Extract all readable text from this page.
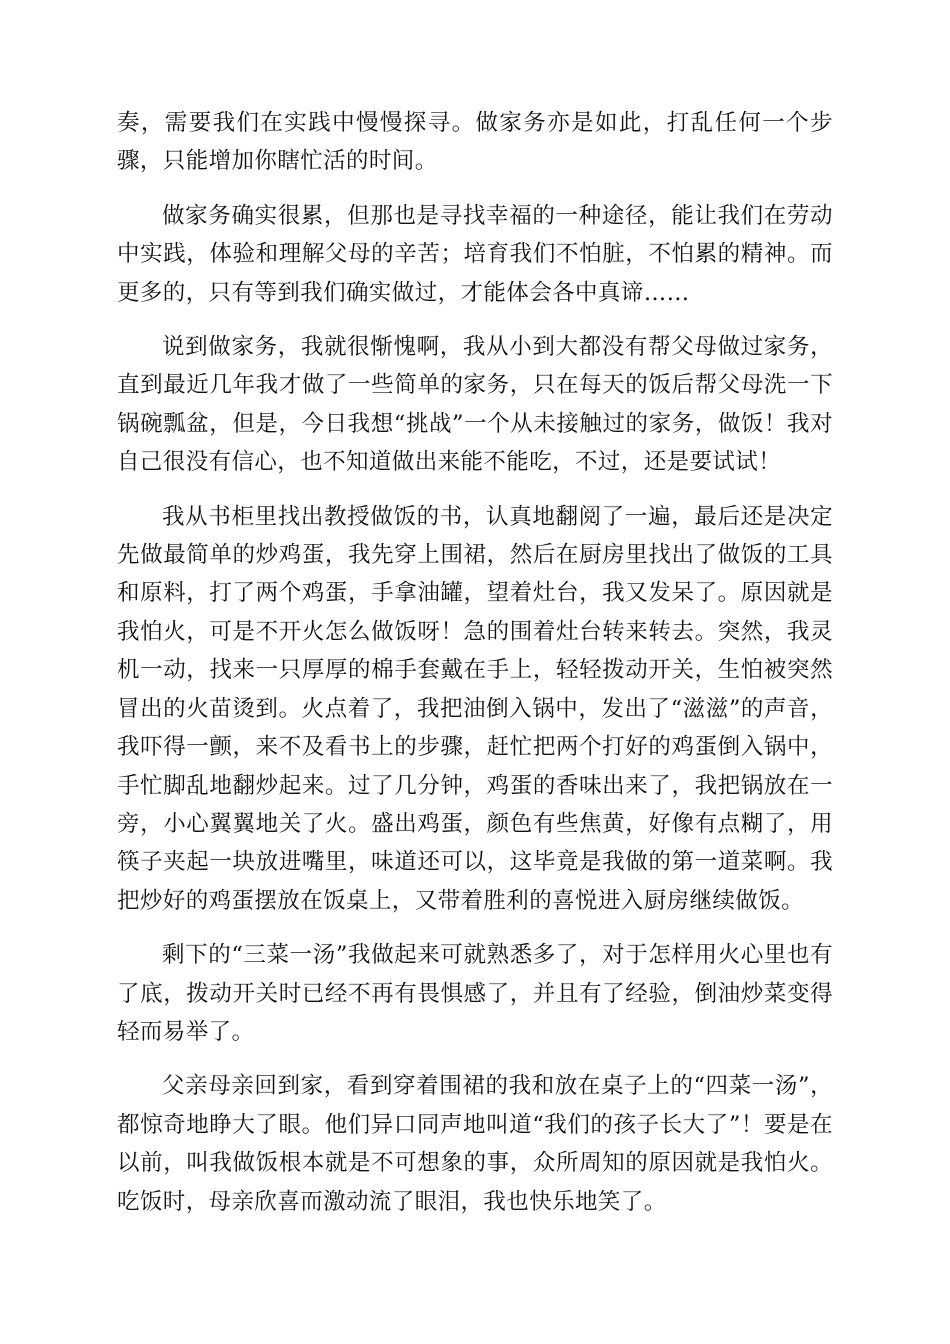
奏，需要我们在实践中慢慢探寻。做家务亦是如此，打乱任何一个步骤，只能增加你瞎忙活的时间。

做家务确实很累，但那也是寻找幸福的一种途径，能让我们在劳动中实践，体验和理解父母的辛苦；培育我们不怕脏，不怕累的精神。而更多的，只有等到我们确实做过，才能体会各中真谛……

说到做家务，我就很惭愧啊，我从小到大都没有帮父母做过家务，直到最近几年我才做了一些简单的家务，只在每天的饭后帮父母洗一下锅碗瓢盆，但是，今日我想“挑战”一个从未接触过的家务，做饭！我对自己很没有信心，也不知道做出来能不能吃，不过，还是要试试！

我从书柜里找出教授做饭的书，认真地翻阅了一遍，最后还是决定先做最简单的炒鸡蛋，我先穿上围裙，然后在厨房里找出了做饭的工具和原料，打了两个鸡蛋，手拿油罐，望着灶台，我又发呆了。原因就是我怕火，可是不开火怎么做饭呀！急的围着灶台转来转去。突然，我灵机一动，找来一只厚厚的棉手套戴在手上，轻轻拨动开关，生怕被突然冒出的火苗烫到。火点着了，我把油倒入锅中，发出了“滋滋”的声音，我吓得一颤，来不及看书上的步骤，赶忙把两个打好的鸡蛋倒入锅中，手忙脚乱地翻炒起来。过了几分钟，鸡蛋的香味出来了，我把锅放在一旁，小心翼翼地关了火。盛出鸡蛋，颜色有些焦黄，好像有点糊了，用筷子夹起一块放进嘴里，味道还可以，这毕竟是我做的第一道菜啊。我把炒好的鸡蛋摆放在饭桌上，又带着胜利的喜悦进入厨房继续做饭。

剩下的“三菜一汤”我做起来可就熟悉多了，对于怎样用火心里也有了底，拨动开关时已经不再有畏惧感了，并且有了经验，倒油炒菜变得轻而易举了。

父亲母亲回到家，看到穿着围裙的我和放在桌子上的“四菜一汤”，都惊奇地睁大了眼。他们异口同声地叫道“我们的孩子长大了”！要是在以前，叫我做饭根本就是不可想象的事，众所周知的原因就是我怕火。吃饭时，母亲欣喜而激动流了眼泪，我也快乐地笑了。
